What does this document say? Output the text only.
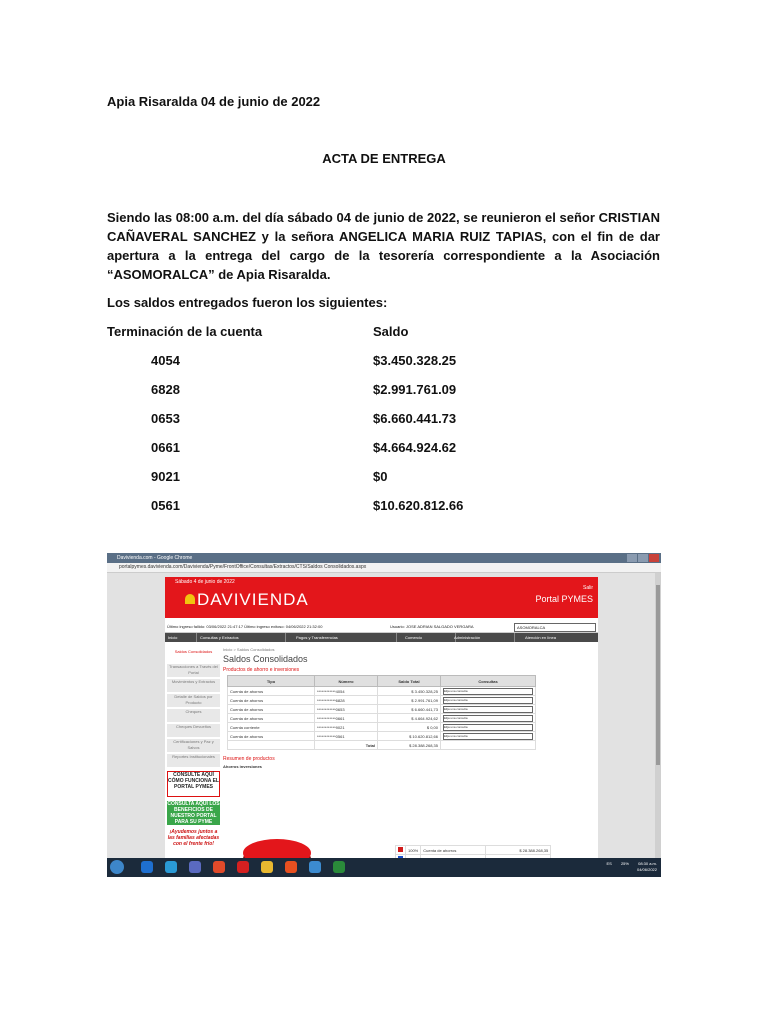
Apia Risaralda 04 de junio de 2022
ACTA DE ENTREGA
Siendo las 08:00 a.m. del día sábado 04 de junio de 2022, se reunieron el señor CRISTIAN CAÑAVERAL SANCHEZ y la señora ANGELICA MARIA RUIZ TAPIAS, con el fin de dar apertura a la entrega del cargo de la tesorería correspondiente a la Asociación “ASOMORALCA” de Apia Risaralda.
Los saldos entregados fueron los siguientes:
Terminación de la cuenta	Saldo
4054	$3.450.328.25
6828	$2.991.761.09
0653	$6.660.441.73
0661	$4.664.924.62
9021	$0
0561	$10.620.812.66
Davivienda.com - Google Chrome
portalpymes.davivienda.com/Davivienda/Pyme/FrontOffice/Consultas/Extractos/CTS/Saldos Consolidados.aspx
Sábado 4 de junio de 2022
DAVIVIENDA
Salir
Portal PYMES
Último ingreso fallido: 03/06/2022 21:47:17 Último ingreso exitoso: 04/06/2022 21:32:00	Usuario: JOSE ADRIAN SALGADO VERGARA	ASOMORALCA
Inicio	Consultas y Extractos	Pagos y Transferencias	Comercio	Administración	Atención en línea
Saldos Consolidados
Transacciones a Través del Portal
Movimientos y Extractos
Detalle de Saldos por Producto
Cheques
Cheques Devueltos
Certificaciones y Paz y Salvos
Reportes Institucionales
CONSULTE AQUÍ CÓMO FUNCIONA EL PORTAL PYMES
CONSULTA AQUÍ LOS BENEFICIOS DE NUESTRO PORTAL PARA SU PYME
¡Ayudemos juntos a las familias afectadas con el frente frío!
Inicio > Saldos Consolidados
Saldos Consolidados
Productos de ahorro e inversiones
Tipo	Número	Saldo Total	Consultas
Cuenta de ahorros	************4054	$ 3.450.328,25	Elija una consulta
Cuenta de ahorros	************6828	$ 2.991.761,09	Elija una consulta
Cuenta de ahorros	************0653	$ 6.660.441,73	Elija una consulta
Cuenta de ahorros	************0661	$ 4.664.924,62	Elija una consulta
Cuenta corriente	************9021	$ 0,00	Elija una consulta
Cuenta de ahorros	************0561	$ 10.620.812,66	Elija una consulta
	Total	$ 28.388.268,35	
Resumen de productos
Ahorros inversiones
	100%	Cuenta de ahorros	$ 28.388.268,35

ES 25% 08:30 a.m.
04/06/2022
